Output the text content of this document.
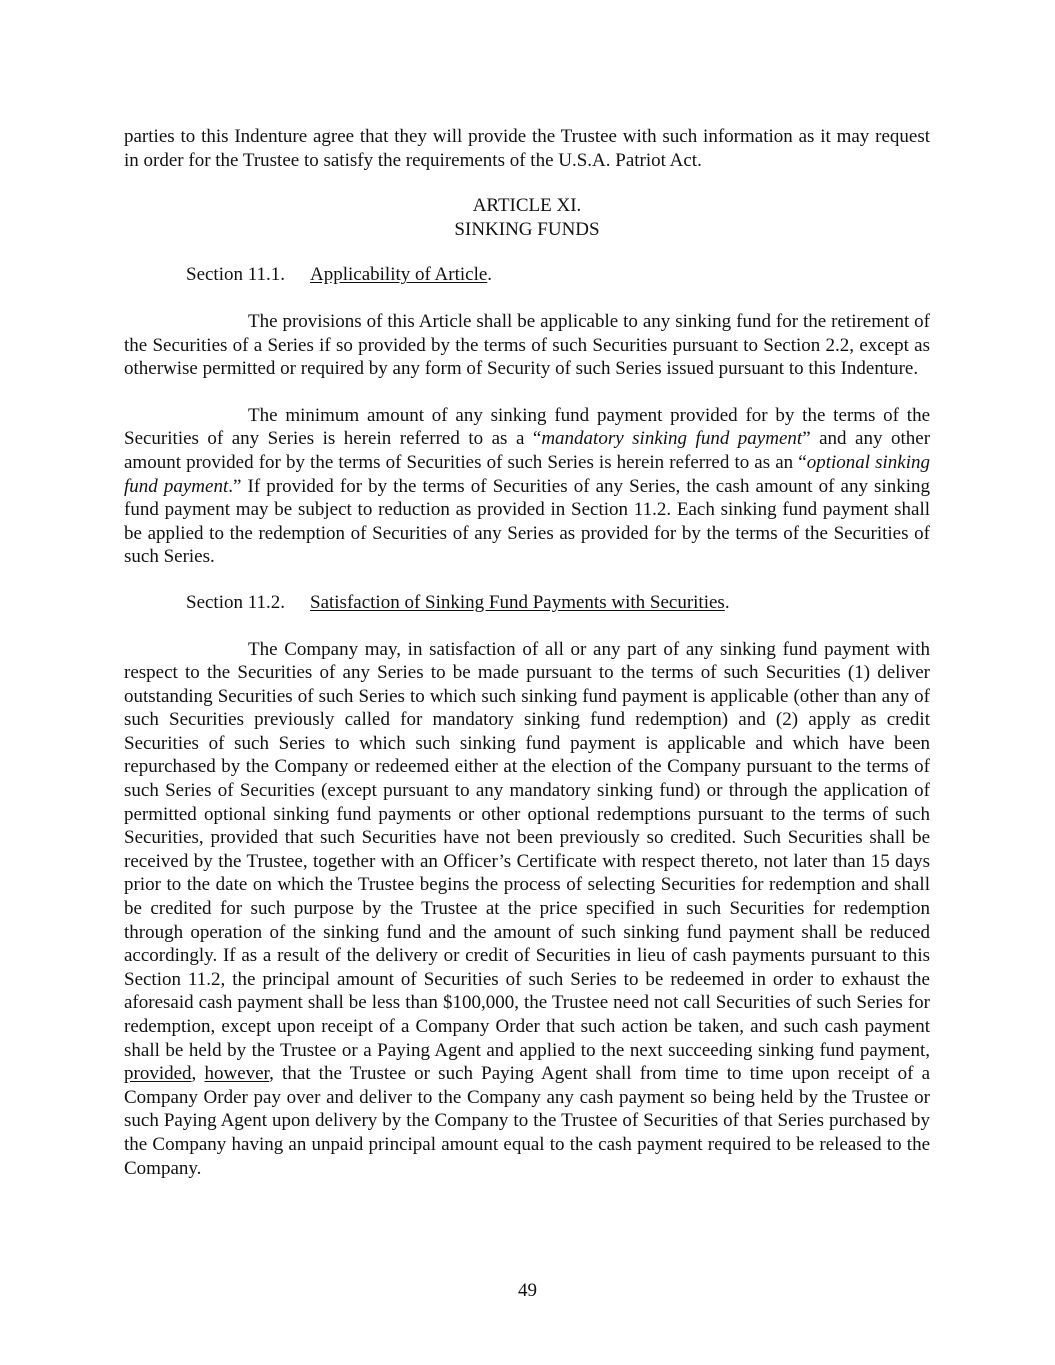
parties to this Indenture agree that they will provide the Trustee with such information as it may request in order for the Trustee to satisfy the requirements of the U.S.A. Patriot Act.

ARTICLE XI.
SINKING FUNDS
Section 11.1. Applicability of Article.

The provisions of this Article shall be applicable to any sinking fund for the retirement of the Securities of a Series if so provided by the terms of such Securities pursuant to Section 2.2, except as otherwise permitted or required by any form of Security of such Series issued pursuant to this Indenture.

The minimum amount of any sinking fund payment provided for by the terms of the Securities of any Series is herein referred to as a “mandatory sinking fund payment” and any other amount provided for by the terms of Securities of such Series is herein referred to as an “optional sinking fund payment.” If provided for by the terms of Securities of any Series, the cash amount of any sinking fund payment may be subject to reduction as provided in Section 11.2. Each sinking fund payment shall be applied to the redemption of Securities of any Series as provided for by the terms of the Securities of such Series.

Section 11.2. Satisfaction of Sinking Fund Payments with Securities.

The Company may, in satisfaction of all or any part of any sinking fund payment with respect to the Securities of any Series to be made pursuant to the terms of such Securities (1) deliver outstanding Securities of such Series to which such sinking fund payment is applicable (other than any of such Securities previously called for mandatory sinking fund redemption) and (2) apply as credit Securities of such Series to which such sinking fund payment is applicable and which have been repurchased by the Company or redeemed either at the election of the Company pursuant to the terms of such Series of Securities (except pursuant to any mandatory sinking fund) or through the application of permitted optional sinking fund payments or other optional redemptions pursuant to the terms of such Securities, provided that such Securities have not been previously so credited. Such Securities shall be received by the Trustee, together with an Officer’s Certificate with respect thereto, not later than 15 days prior to the date on which the Trustee begins the process of selecting Securities for redemption and shall be credited for such purpose by the Trustee at the price specified in such Securities for redemption through operation of the sinking fund and the amount of such sinking fund payment shall be reduced accordingly. If as a result of the delivery or credit of Securities in lieu of cash payments pursuant to this Section 11.2, the principal amount of Securities of such Series to be redeemed in order to exhaust the aforesaid cash payment shall be less than $100,000, the Trustee need not call Securities of such Series for redemption, except upon receipt of a Company Order that such action be taken, and such cash payment shall be held by the Trustee or a Paying Agent and applied to the next succeeding sinking fund payment, provided, however, that the Trustee or such Paying Agent shall from time to time upon receipt of a Company Order pay over and deliver to the Company any cash payment so being held by the Trustee or such Paying Agent upon delivery by the Company to the Trustee of Securities of that Series purchased by the Company having an unpaid principal amount equal to the cash payment required to be released to the Company.

49
